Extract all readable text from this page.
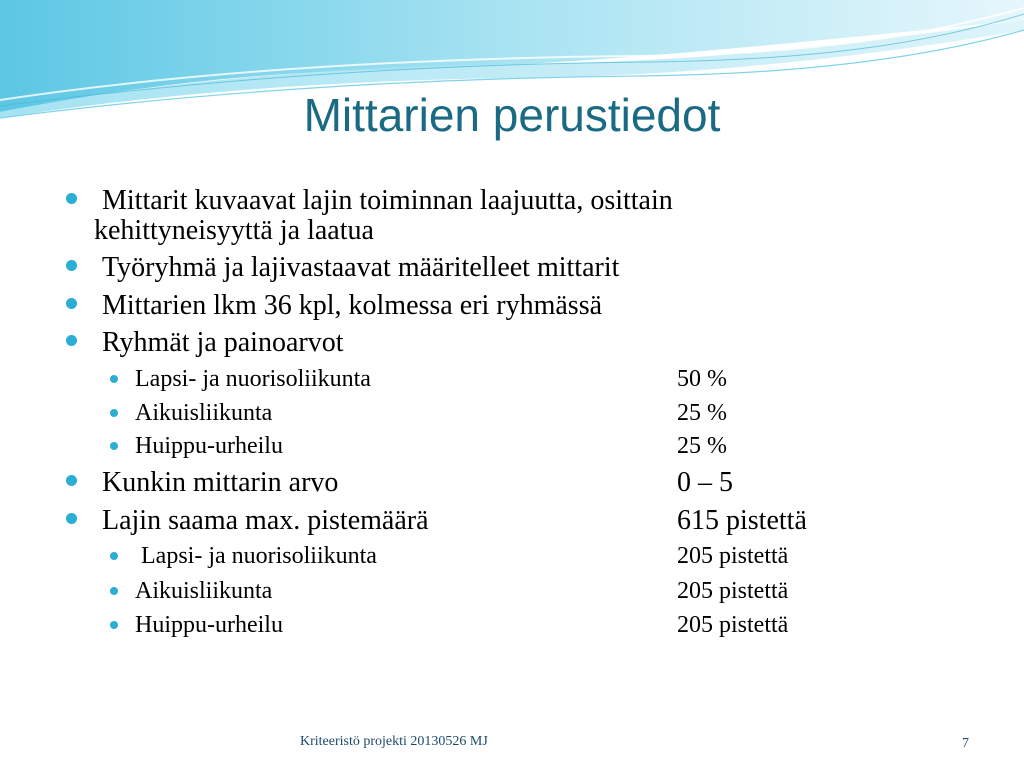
Mittarien perustiedot
Mittarit kuvaavat lajin toiminnan laajuutta, osittain
kehittyneisyyttä ja laatua
Työryhmä ja lajivastaavat määritelleet mittarit
Mittarien lkm 36 kpl, kolmessa eri ryhmässä
Ryhmät ja painoarvot
Lapsi- ja nuorisoliikunta	50 %
Aikuisliikunta	25 %
Huippu-urheilu	25 %
Kunkin mittarin arvo	0 – 5
Lajin saama max. pistemäärä	615 pistettä
Lapsi- ja nuorisoliikunta	205 pistettä
Aikuisliikunta	205 pistettä
Huippu-urheilu	205 pistettä
Kriteeristö projekti 20130526 MJ	7
